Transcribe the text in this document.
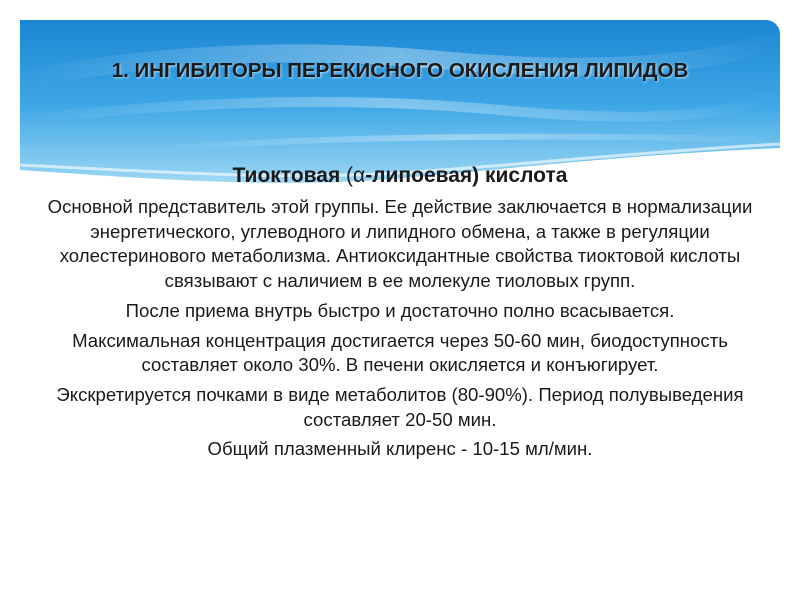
1. ИНГИБИТОРЫ ПЕРЕКИСНОГО ОКИСЛЕНИЯ ЛИПИДОВ

Тиоктовая (α-липоевая) кислота

Основной представитель этой группы. Ее действие заключается в нормализации энергетического, углеводного и липидного обмена, а также в регуляции холестеринового метаболизма. Антиоксидантные свойства тиоктовой кислоты связывают с наличием в ее молекуле тиоловых групп.

После приема внутрь быстро и достаточно полно всасывается.

Максимальная концентрация достигается через 50-60 мин, биодоступность составляет около 30%. В печени окисляется и конъюгирует.

Экскретируется почками в виде метаболитов (80-90%). Период полувыведения составляет 20-50 мин.

Общий плазменный клиренс - 10-15 мл/мин.
